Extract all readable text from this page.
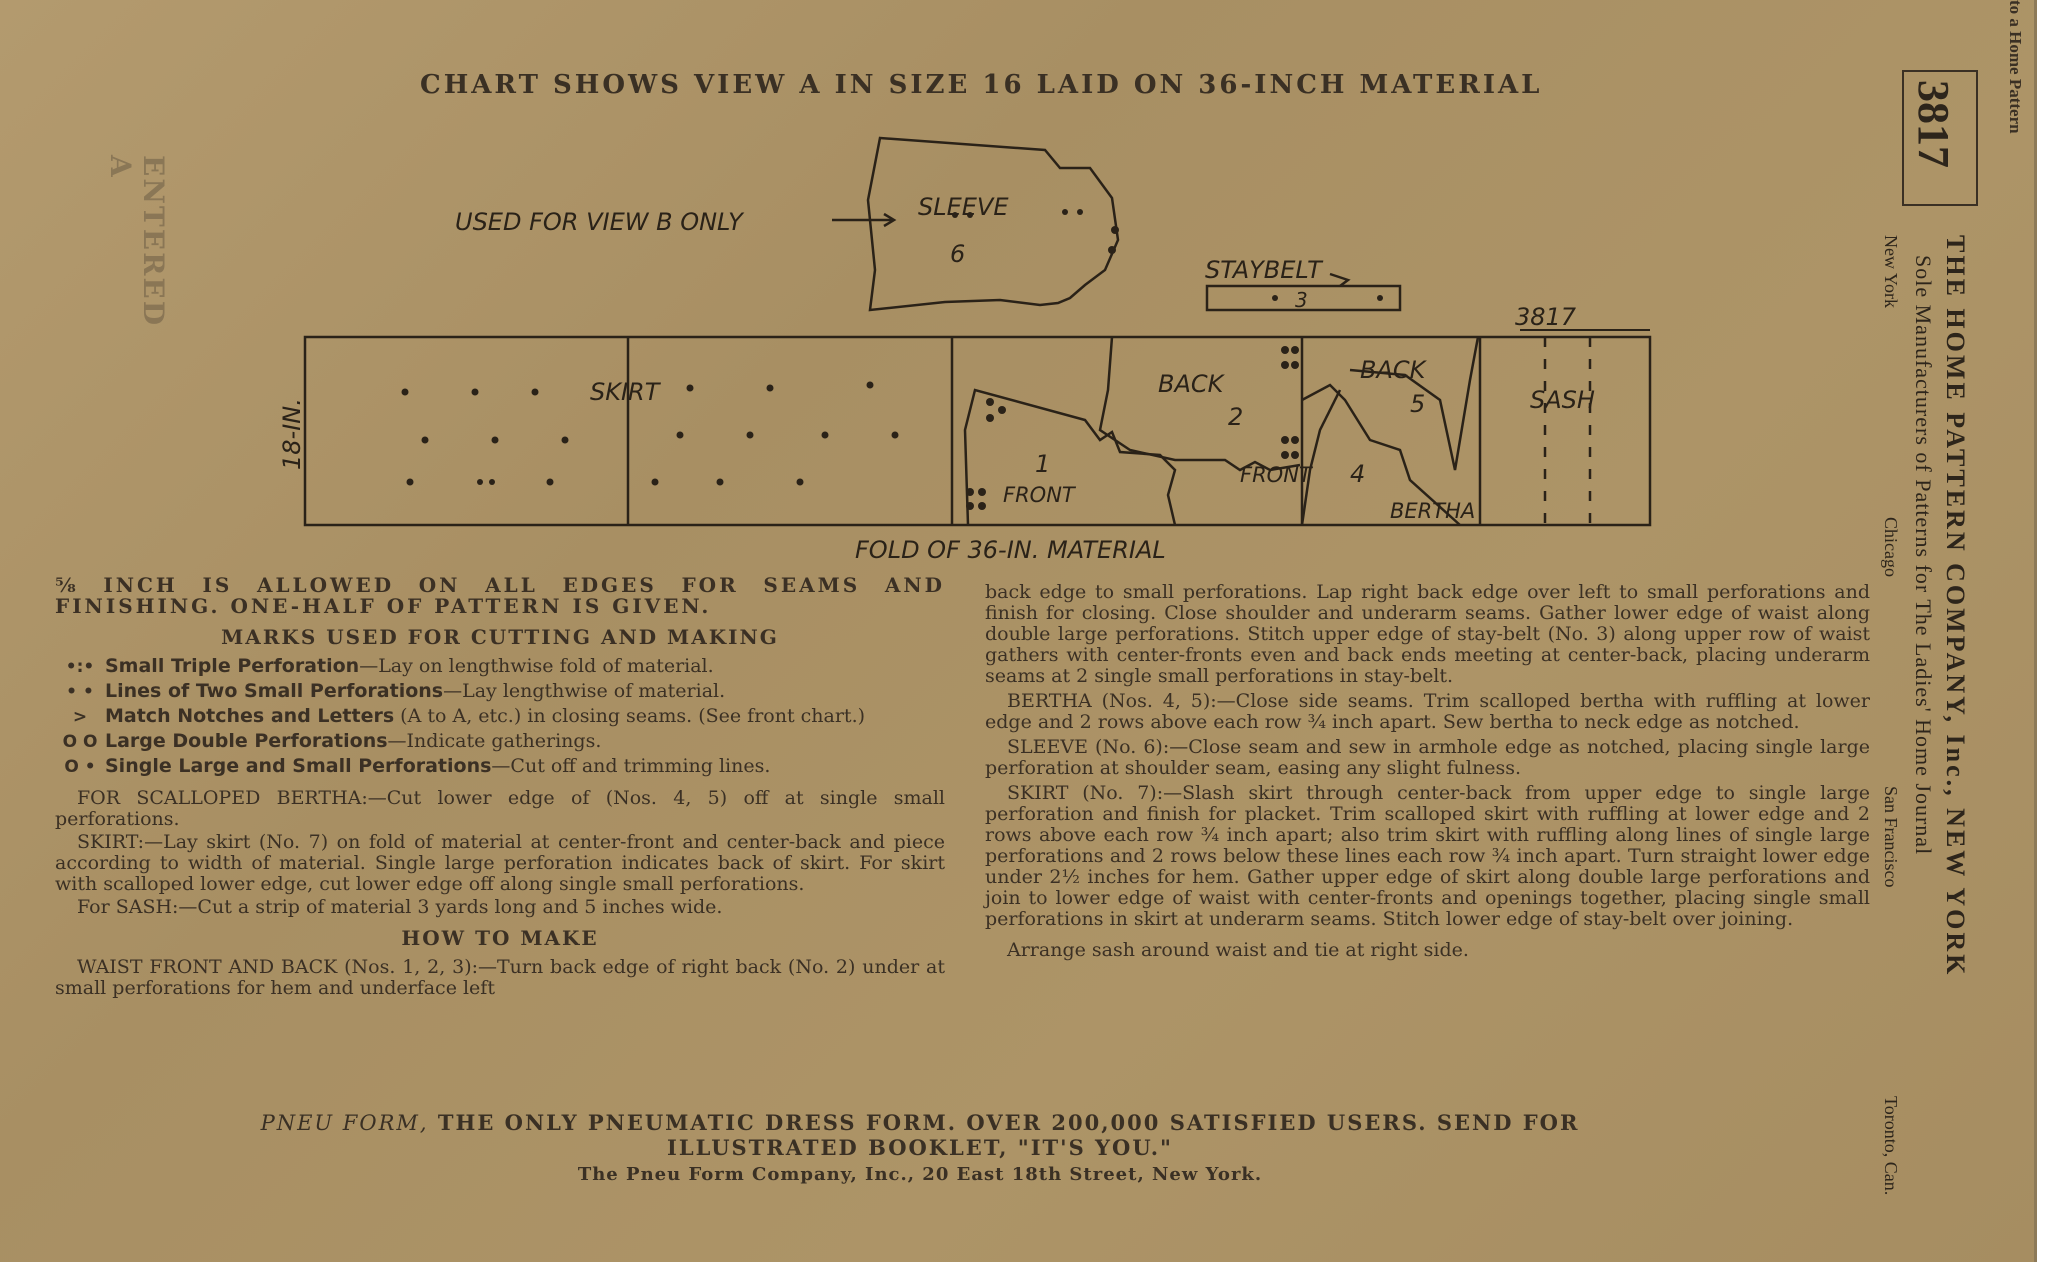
CHART SHOWS VIEW A IN SIZE 16 LAID ON 36-INCH MATERIAL
ENTERED
A
USED FOR VIEW B ONLY
SLEEVE
6
STAYBELT
3
3817
18-IN.
SKIRT	BACK
2
BACK
5
1
FRONT
FRONT 4
BERTHA
SASH
FOLD OF 36-IN. MATERIAL
⅝ INCH IS ALLOWED ON ALL EDGES FOR SEAMS AND FINISHING. ONE-HALF OF PATTERN IS GIVEN.
MARKS USED FOR CUTTING AND MAKING
•:• Small Triple Perforation—Lay on lengthwise fold of material.
• • Lines of Two Small Perforations—Lay lengthwise of material.
> Match Notches and Letters (A to A, etc.) in closing seams. (See front chart.)
O O Large Double Perforations—Indicate gatherings.
O • Single Large and Small Perforations—Cut off and trimming lines.
FOR SCALLOPED BERTHA:—Cut lower edge of (Nos. 4, 5) off at single small perforations.
SKIRT:—Lay skirt (No. 7) on fold of material at center-front and center-back and piece according to width of material. Single large perforation indicates back of skirt. For skirt with scalloped lower edge, cut lower edge off along single small perforations.
For SASH:—Cut a strip of material 3 yards long and 5 inches wide.
HOW TO MAKE
WAIST FRONT AND BACK (Nos. 1, 2, 3):—Turn back edge of right back (No. 2) under at small perforations for hem and underface left
back edge to small perforations. Lap right back edge over left to small perforations and finish for closing. Close shoulder and underarm seams. Gather lower edge of waist along double large perforations. Stitch upper edge of stay-belt (No. 3) along upper row of waist gathers with center-fronts even and back ends meeting at center-back, placing underarm seams at 2 single small perforations in stay-belt.
BERTHA (Nos. 4, 5):—Close side seams. Trim scalloped bertha with ruffling at lower edge and 2 rows above each row ¾ inch apart. Sew bertha to neck edge as notched.
SLEEVE (No. 6):—Close seam and sew in armhole edge as notched, placing single large perforation at shoulder seam, easing any slight fulness.
SKIRT (No. 7):—Slash skirt through center-back from upper edge to single large perforation and finish for placket. Trim scalloped skirt with ruffling at lower edge and 2 rows above each row ¾ inch apart; also trim skirt with ruffling along lines of single large perforations and 2 rows below these lines each row ¾ inch apart. Turn straight lower edge under 2½ inches for hem. Gather upper edge of skirt along double large perforations and join to lower edge of waist with center-fronts and openings together, placing single small perforations in skirt at underarm seams. Stitch lower edge of stay-belt over joining.
Arrange sash around waist and tie at right side.
PNEU FORM, THE ONLY PNEUMATIC DRESS FORM. OVER 200,000 SATISFIED USERS. SEND FOR
ILLUSTRATED BOOKLET, "IT'S YOU."
The Pneu Form Company, Inc., 20 East 18th Street, New York.
3817
THE HOME PATTERN COMPANY, Inc., NEW YORK
Sole Manufacturers of Patterns for The Ladies' Home Journal
New York
Chicago
San Francisco
Toronto, Can.
to a Home Pattern
